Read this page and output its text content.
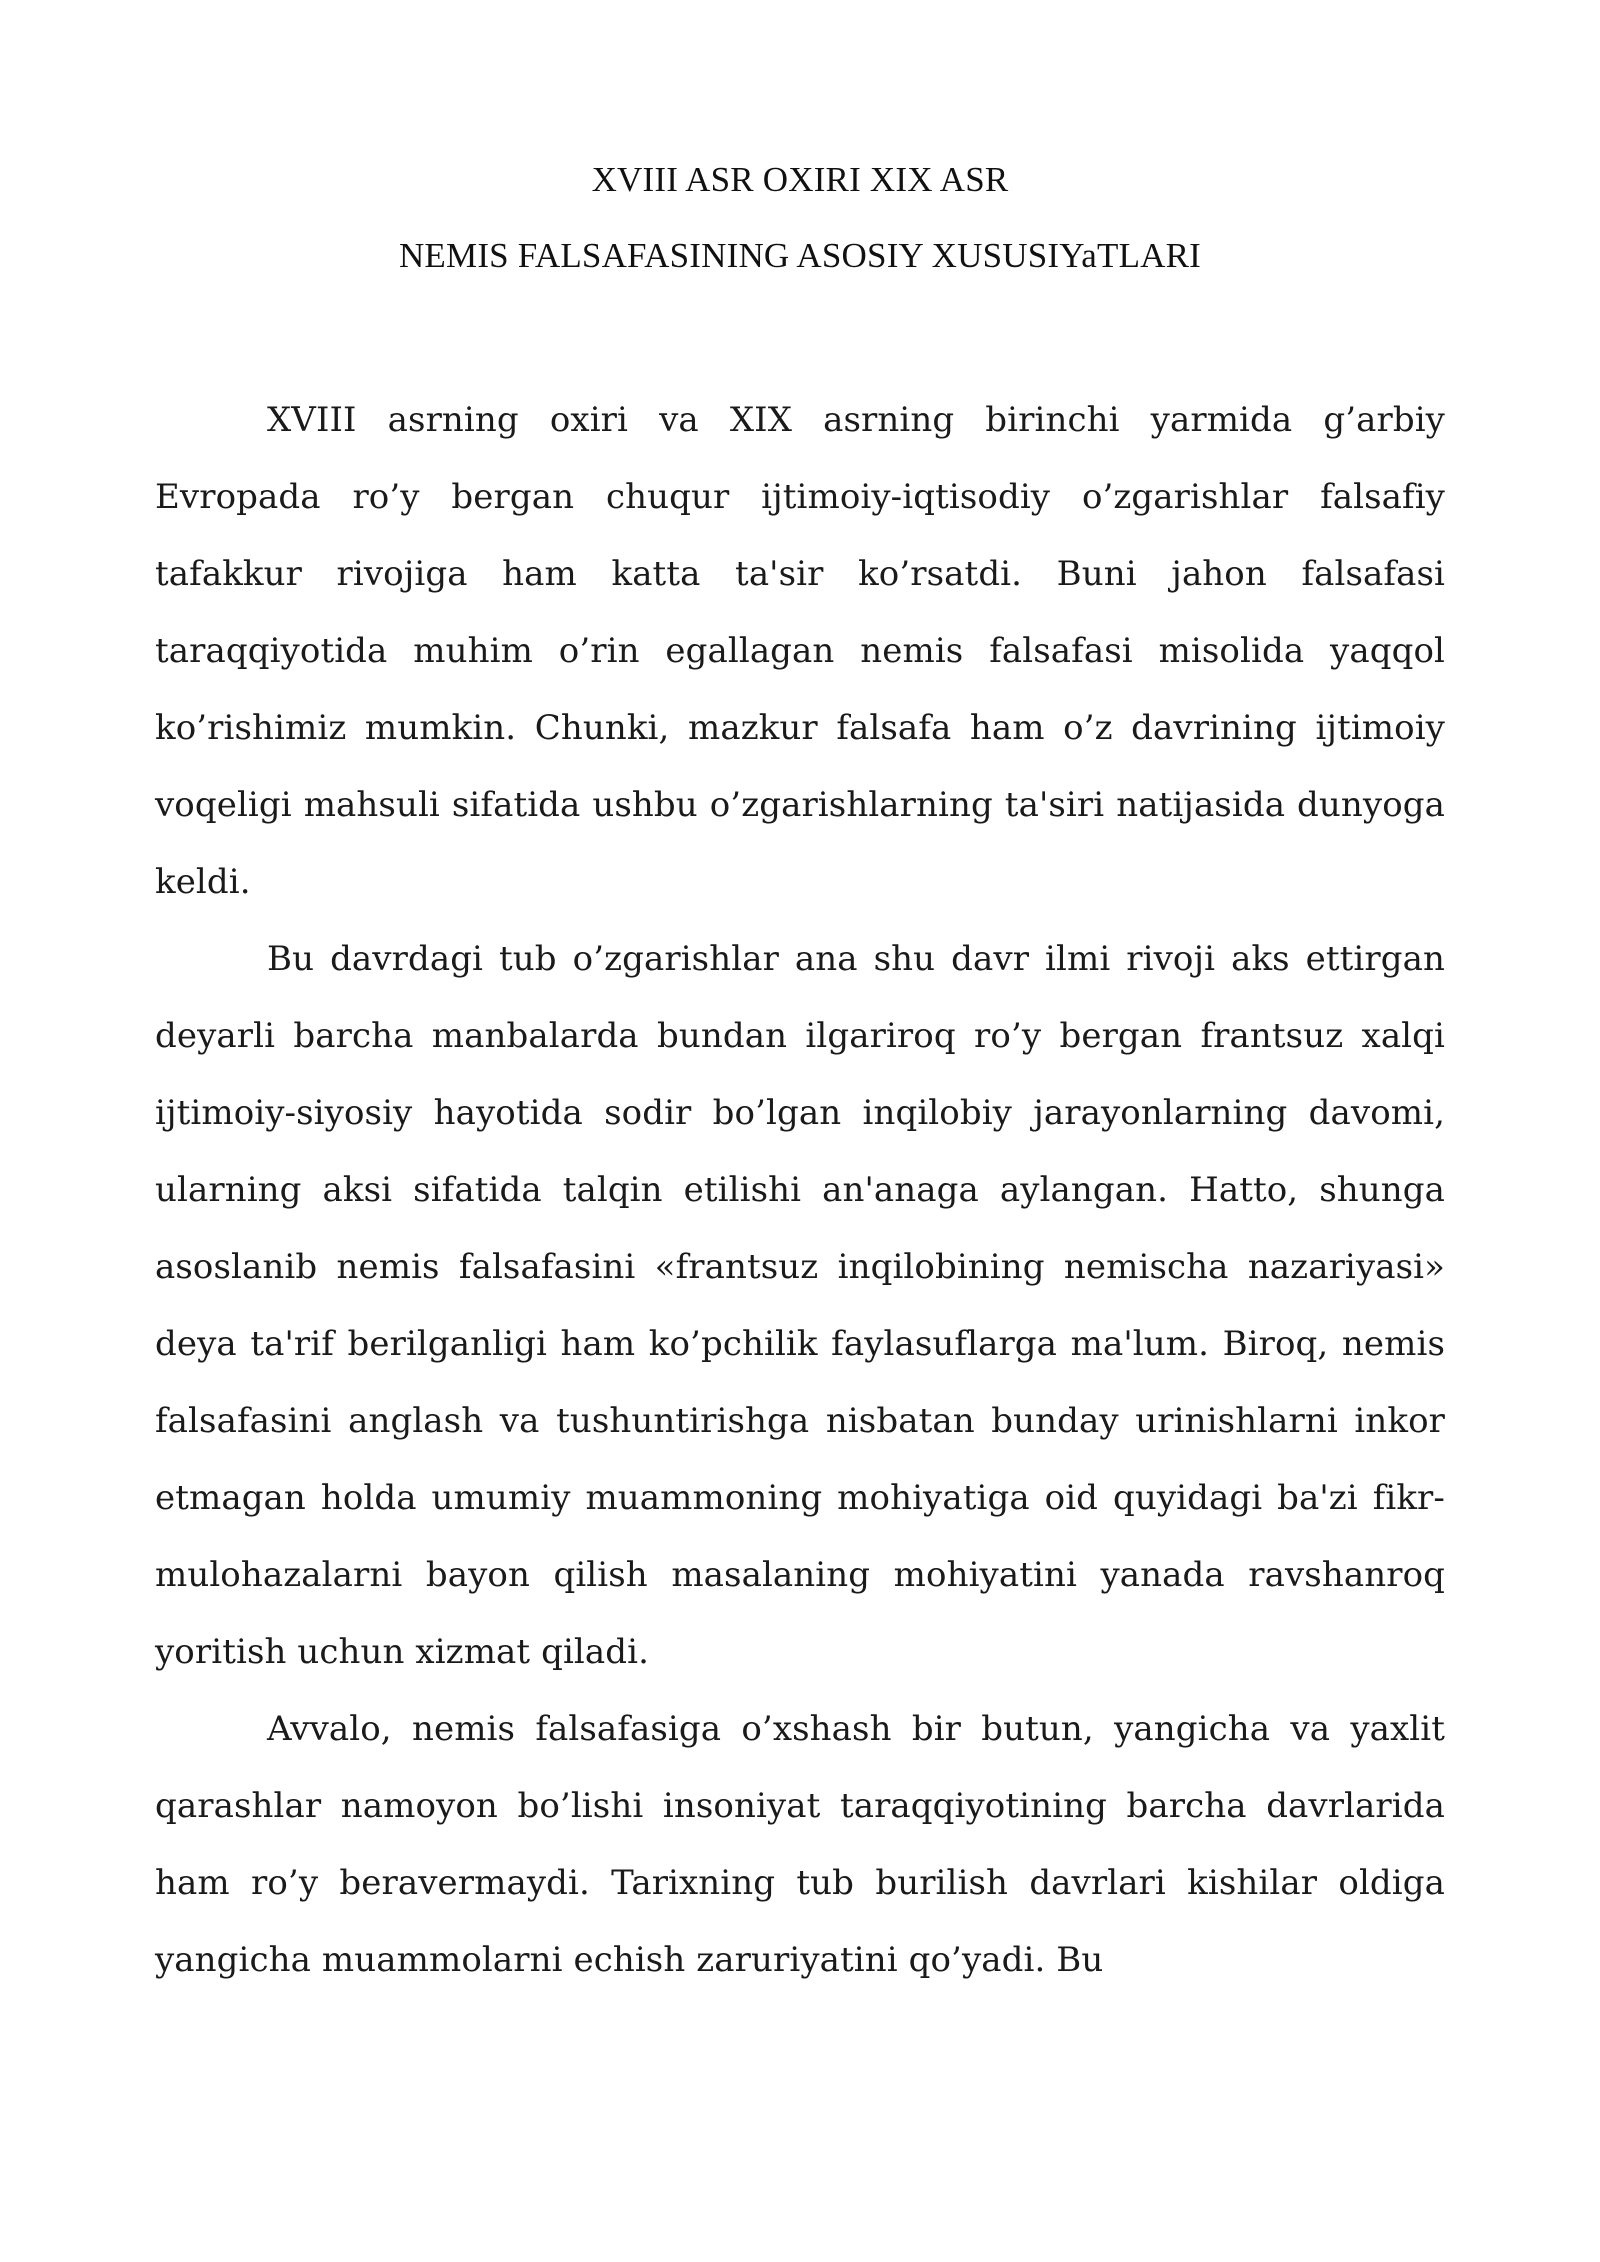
XVIII ASR OXIRI XIX ASR
NEMIS FALSAFASINING ASOSIY XUSUSIYaTLARI

XVIII asrning oxiri va XIX asrning birinchi yarmida g’arbiy Evropada ro’y bergan chuqur ijtimoiy-iqtisodiy o’zgarishlar falsafiy tafakkur rivojiga ham katta ta'sir ko’rsatdi. Buni jahon falsafasi taraqqiyotida muhim o’rin egallagan nemis falsafasi misolida yaqqol ko’rishimiz mumkin. Chunki, mazkur falsafa ham o’z davrining ijtimoiy voqeligi mahsuli sifatida ushbu o’zgarishlarning ta'siri natijasida dunyoga keldi.

Bu davrdagi tub o’zgarishlar ana shu davr ilmi rivoji aks ettirgan deyarli barcha manbalarda bundan ilgariroq ro’y bergan frantsuz xalqi ijtimoiy-siyosiy hayotida sodir bo’lgan inqilobiy jarayonlarning davomi, ularning aksi sifatida talqin etilishi an'anaga aylangan. Hatto, shunga asoslanib nemis falsafasini «frantsuz inqilobining nemischa nazariyasi» deya ta'rif berilganligi ham ko’pchilik faylasuflarga ma'lum. Biroq, nemis falsafasini anglash va tushuntirishga nisbatan bunday urinishlarni inkor etmagan holda umumiy muammoning mohiyatiga oid quyidagi ba'zi fikr-mulohazalarni bayon qilish masalaning mohiyatini yanada ravshanroq yoritish uchun xizmat qiladi.

Avvalo, nemis falsafasiga o’xshash bir butun, yangicha va yaxlit qarashlar namoyon bo’lishi insoniyat taraqqiyotining barcha davrlarida ham ro’y beravermaydi. Tarixning tub burilish davrlari kishilar oldiga yangicha muammolarni echish zaruriyatini qo’yadi. Bu
